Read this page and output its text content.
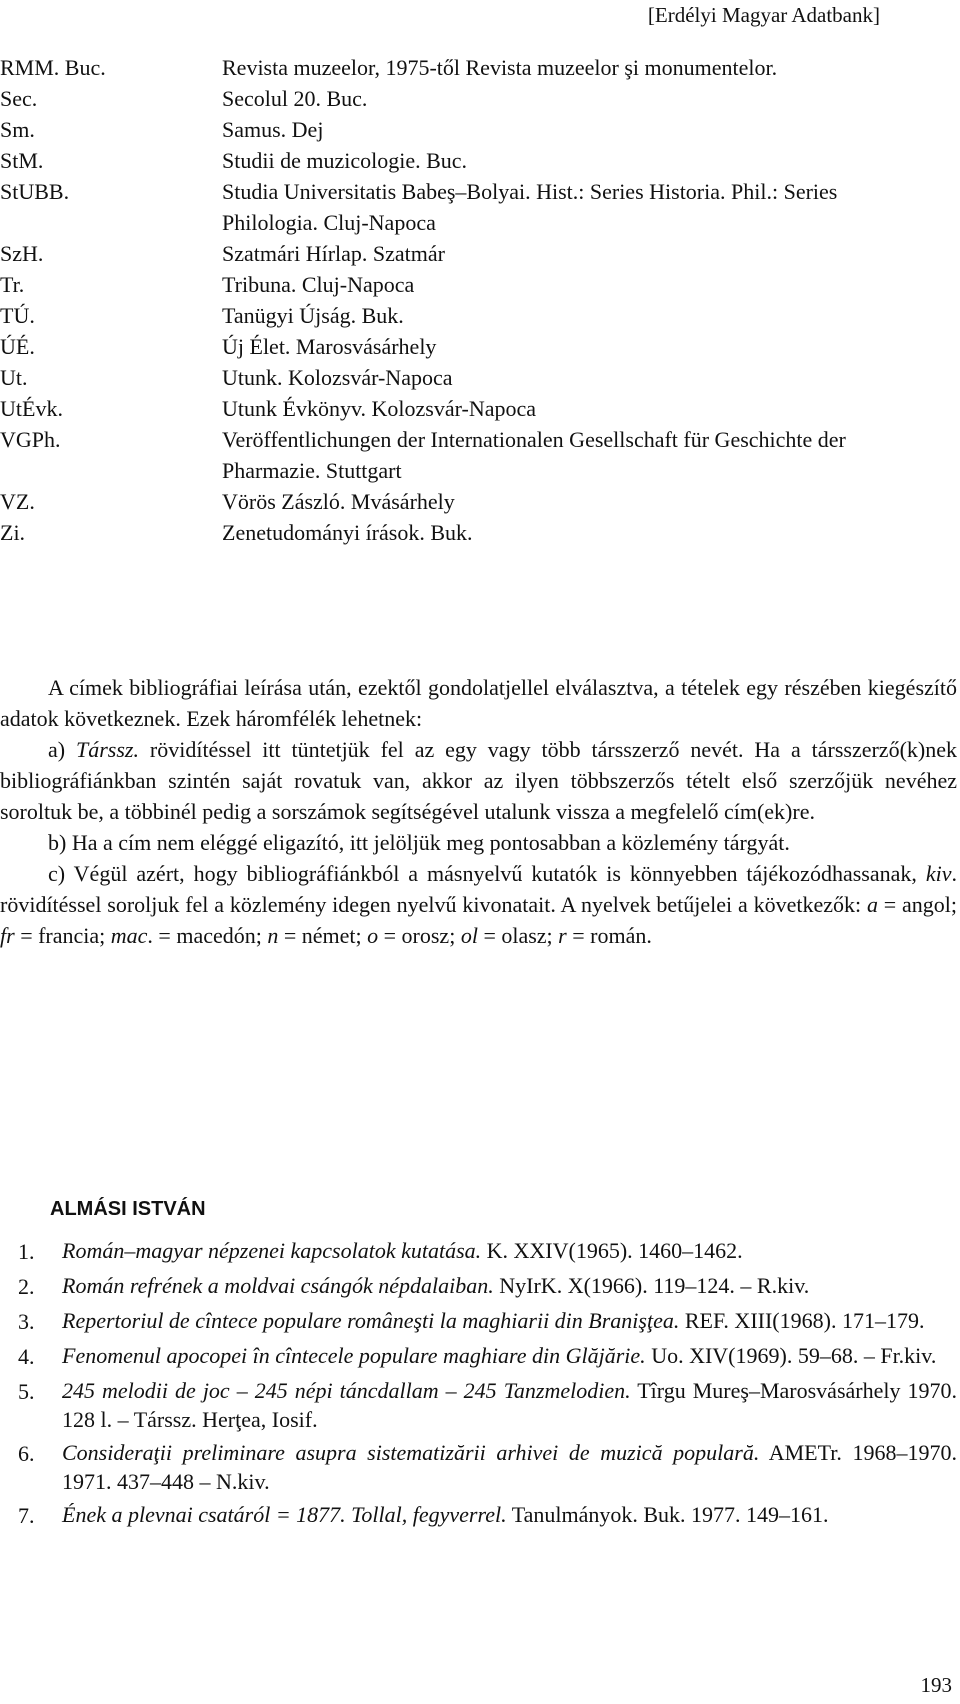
[Erdélyi Magyar Adatbank]
RMM. Buc.	Revista muzeelor, 1975-től Revista muzeelor şi monumentelor.
Sec.	Secolul 20. Buc.
Sm.	Samus. Dej
StM.	Studii de muzicologie. Buc.
StUBB.	Studia Universitatis Babeş–Bolyai. Hist.: Series Historia. Phil.: Series Philologia. Cluj-Napoca
SzH.	Szatmári Hírlap. Szatmár
Tr.	Tribuna. Cluj-Napoca
TÚ.	Tanügyi Újság. Buk.
ÚÉ.	Új Élet. Marosvásárhely
Ut.	Utunk. Kolozsvár-Napoca
UtÉvk.	Utunk Évkönyv. Kolozsvár-Napoca
VGPh.	Veröffentlichungen der Internationalen Gesellschaft für Geschichte der Pharmazie. Stuttgart
VZ.	Vörös Zászló. Mvásárhely
Zi.	Zenetudományi írások. Buk.

A címek bibliográfiai leírása után, ezektől gondolatjellel elválasztva, a tételek egy részében kiegészítő adatok következnek. Ezek háromfélék lehetnek:

a) Társsz. rövidítéssel itt tüntetjük fel az egy vagy több társszerző nevét. Ha a társszerző(k)nek bibliográfiánkban szintén saját rovatuk van, akkor az ilyen többszerzős tételt első szerzőjük nevéhez soroltuk be, a többinél pedig a sorszámok segítségével utalunk vissza a megfelelő cím(ek)re.

b) Ha a cím nem eléggé eligazító, itt jelöljük meg pontosabban a közlemény tárgyát.

c) Végül azért, hogy bibliográfiánkból a másnyelvű kutatók is könnyebben tájékozódhassanak, kiv. rövidítéssel soroljuk fel a közlemény idegen nyelvű kivonatait. A nyelvek betűjelei a következők: a = angol; fr = francia; mac. = macedón; n = német; o = orosz; ol = olasz; r = román.

ALMÁSI ISTVÁN
1.	Román–magyar népzenei kapcsolatok kutatása. K. XXIV(1965). 1460–1462.
2.	Román refrének a moldvai csángók népdalaiban. NyIrK. X(1966). 119–124. – R.kiv.
3.	Repertoriul de cîntece populare româneşti la maghiarii din Branişţea. REF. XIII(1968). 171–179.
4.	Fenomenul apocopei în cîntecele populare maghiare din Glăjărie. Uo. XIV(1969). 59–68. – Fr.kiv.
5.	245 melodii de joc – 245 népi táncdallam – 245 Tanzmelodien. Tîrgu Mureş–Marosvásárhely 1970. 128 l. – Társsz. Herţea, Iosif.
6.	Consideraţii preliminare asupra sistematizării arhivei de muzică populară. AMETr. 1968–1970. 1971. 437–448 – N.kiv.
7.	Ének a plevnai csatáról = 1877. Tollal, fegyverrel. Tanulmányok. Buk. 1977. 149–161.
193
